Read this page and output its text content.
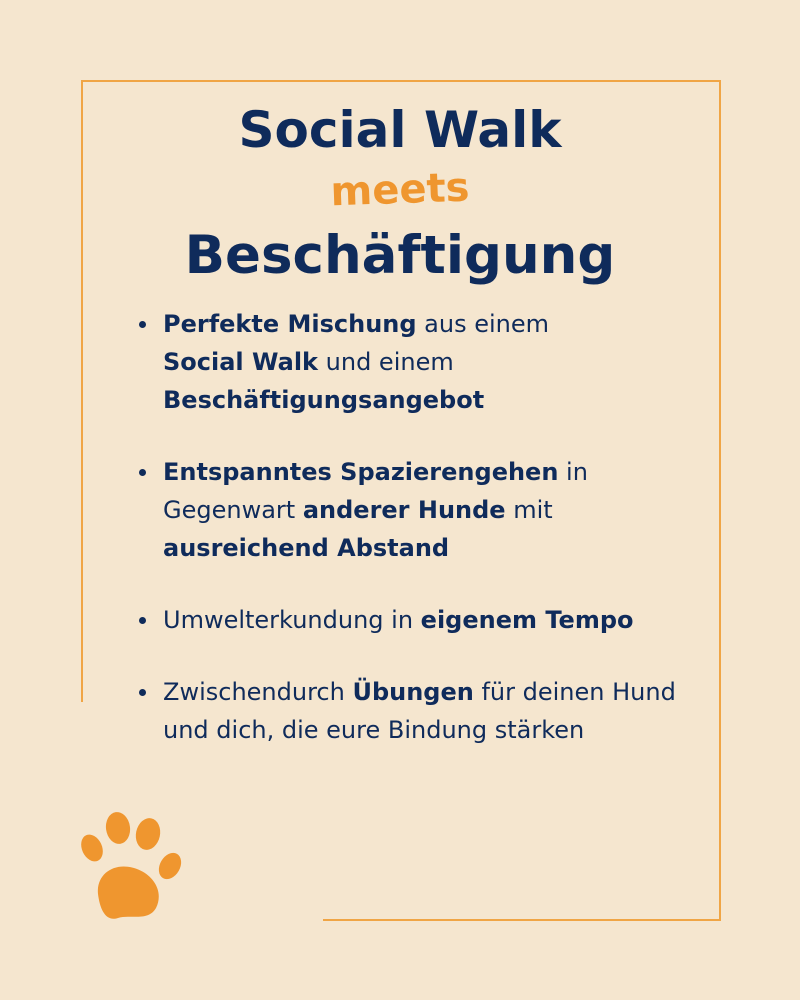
Social Walk
meets
Beschäftigung
Perfekte Mischung aus einem
Social Walk und einem
Beschäftigungsangebot
Entspanntes Spazierengehen in Gegenwart anderer Hunde mit ausreichend Abstand
Umwelterkundung in eigenem Tempo
Zwischendurch Übungen für deinen Hund und dich, die eure Bindung stärken
